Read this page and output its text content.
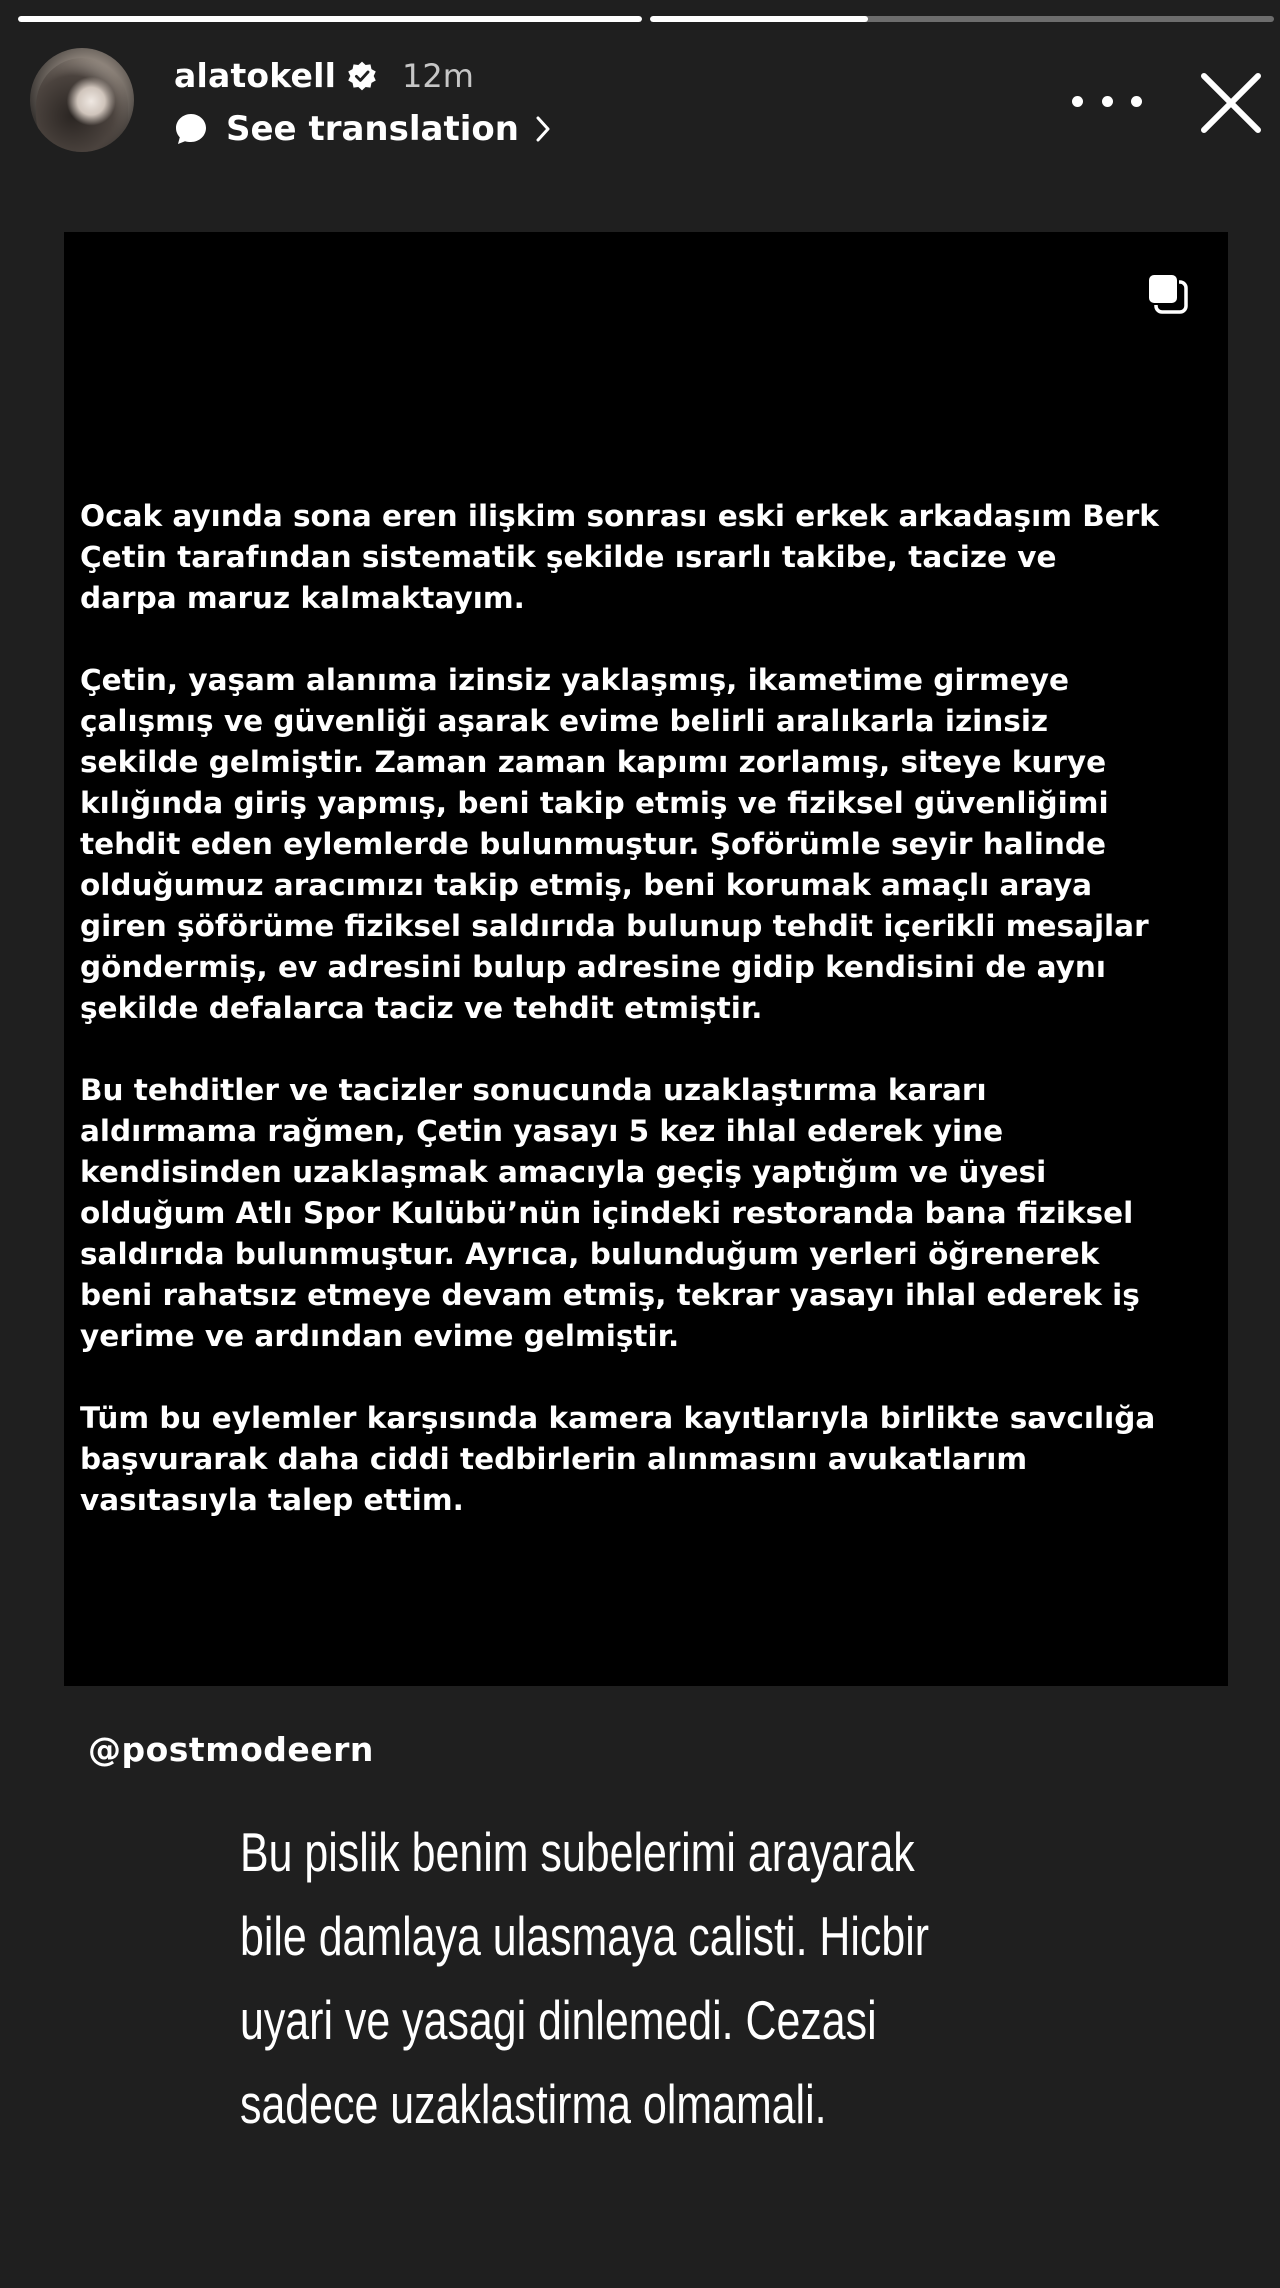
alatokell 12m
See translation

Ocak ayında sona eren ilişkim sonrası eski erkek arkadaşım Berk
Çetin tarafından sistematik şekilde ısrarlı takibe, tacize ve
darpa maruz kalmaktayım.

Çetin, yaşam alanıma izinsiz yaklaşmış, ikametime girmeye
çalışmış ve güvenliği aşarak evime belirli aralıkarla izinsiz
sekilde gelmiştir. Zaman zaman kapımı zorlamış, siteye kurye
kılığında giriş yapmış, beni takip etmiş ve fiziksel güvenliğimi
tehdit eden eylemlerde bulunmuştur. Şoförümle seyir halinde
olduğumuz aracımızı takip etmiş, beni korumak amaçlı araya
giren şöförüme fiziksel saldırıda bulunup tehdit içerikli mesajlar
göndermiş, ev adresini bulup adresine gidip kendisini de aynı
şekilde defalarca taciz ve tehdit etmiştir.

Bu tehditler ve tacizler sonucunda uzaklaştırma kararı
aldırmama rağmen, Çetin yasayı 5 kez ihlal ederek yine
kendisinden uzaklaşmak amacıyla geçiş yaptığım ve üyesi
olduğum Atlı Spor Kulübü’nün içindeki restoranda bana fiziksel
saldırıda bulunmuştur. Ayrıca, bulunduğum yerleri öğrenerek
beni rahatsız etmeye devam etmiş, tekrar yasayı ihlal ederek iş
yerime ve ardından evime gelmiştir.

Tüm bu eylemler karşısında kamera kayıtlarıyla birlikte savcılığa
başvurarak daha ciddi tedbirlerin alınmasını avukatlarım
vasıtasıyla talep ettim.

@postmodeern
Bu pislik benim subelerimi arayarak
bile damlaya ulasmaya calisti. Hicbir
uyari ve yasagi dinlemedi. Cezasi
sadece uzaklastirma olmamali.
